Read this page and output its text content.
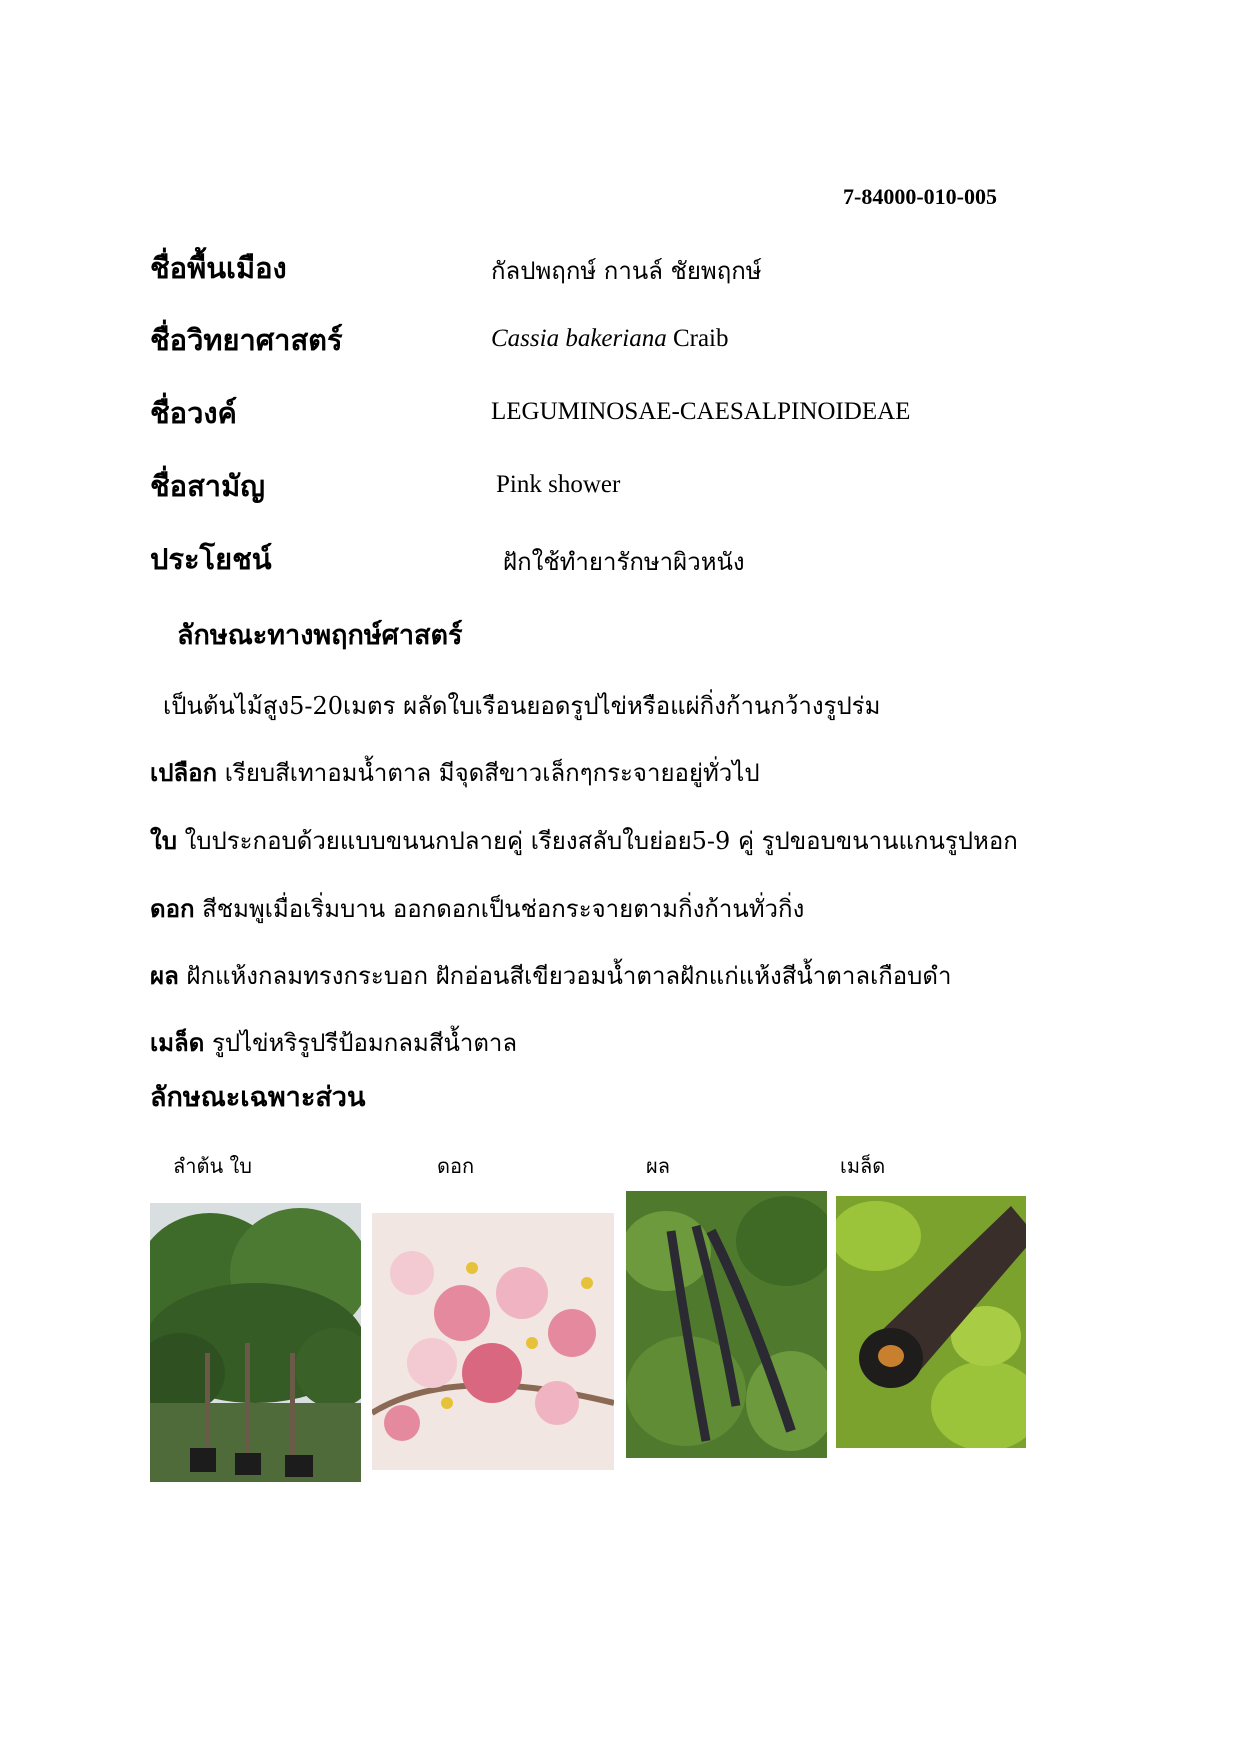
7-84000-010-005
ชื่อพื้นเมือง	กัลปพฤกษ์ กานล์ ชัยพฤกษ์
ชื่อวิทยาศาสตร์	Cassia bakeriana Craib
ชื่อวงค์	LEGUMINOSAE-CAESALPINOIDEAE
ชื่อสามัญ	Pink shower
ประโยชน์	ฝักใช้ทำยารักษาผิวหนัง
ลักษณะทางพฤกษ์ศาสตร์
เป็นต้นไม้สูง5-20เมตร ผลัดใบเรือนยอดรูปไข่หรือแผ่กิ่งก้านกว้างรูปร่ม
เปลือก เรียบสีเทาอมน้ำตาล มีจุดสีขาวเล็กๆกระจายอยู่ทั่วไป
ใบ ใบประกอบด้วยแบบขนนกปลายคู่ เรียงสลับใบย่อย5-9 คู่ รูปขอบขนานแกนรูปหอก
ดอก สีชมพูเมื่อเริ่มบาน ออกดอกเป็นช่อกระจายตามกิ่งก้านทั่วกิ่ง
ผล ฝักแห้งกลมทรงกระบอก ฝักอ่อนสีเขียวอมน้ำตาลฝักแก่แห้งสีน้ำตาลเกือบดำ
เมล็ด รูปไข่หริรูปรีป้อมกลมสีน้ำตาล
ลักษณะเฉพาะส่วน
ลำต้น ใบ	ดอก	ผล	เมล็ด
